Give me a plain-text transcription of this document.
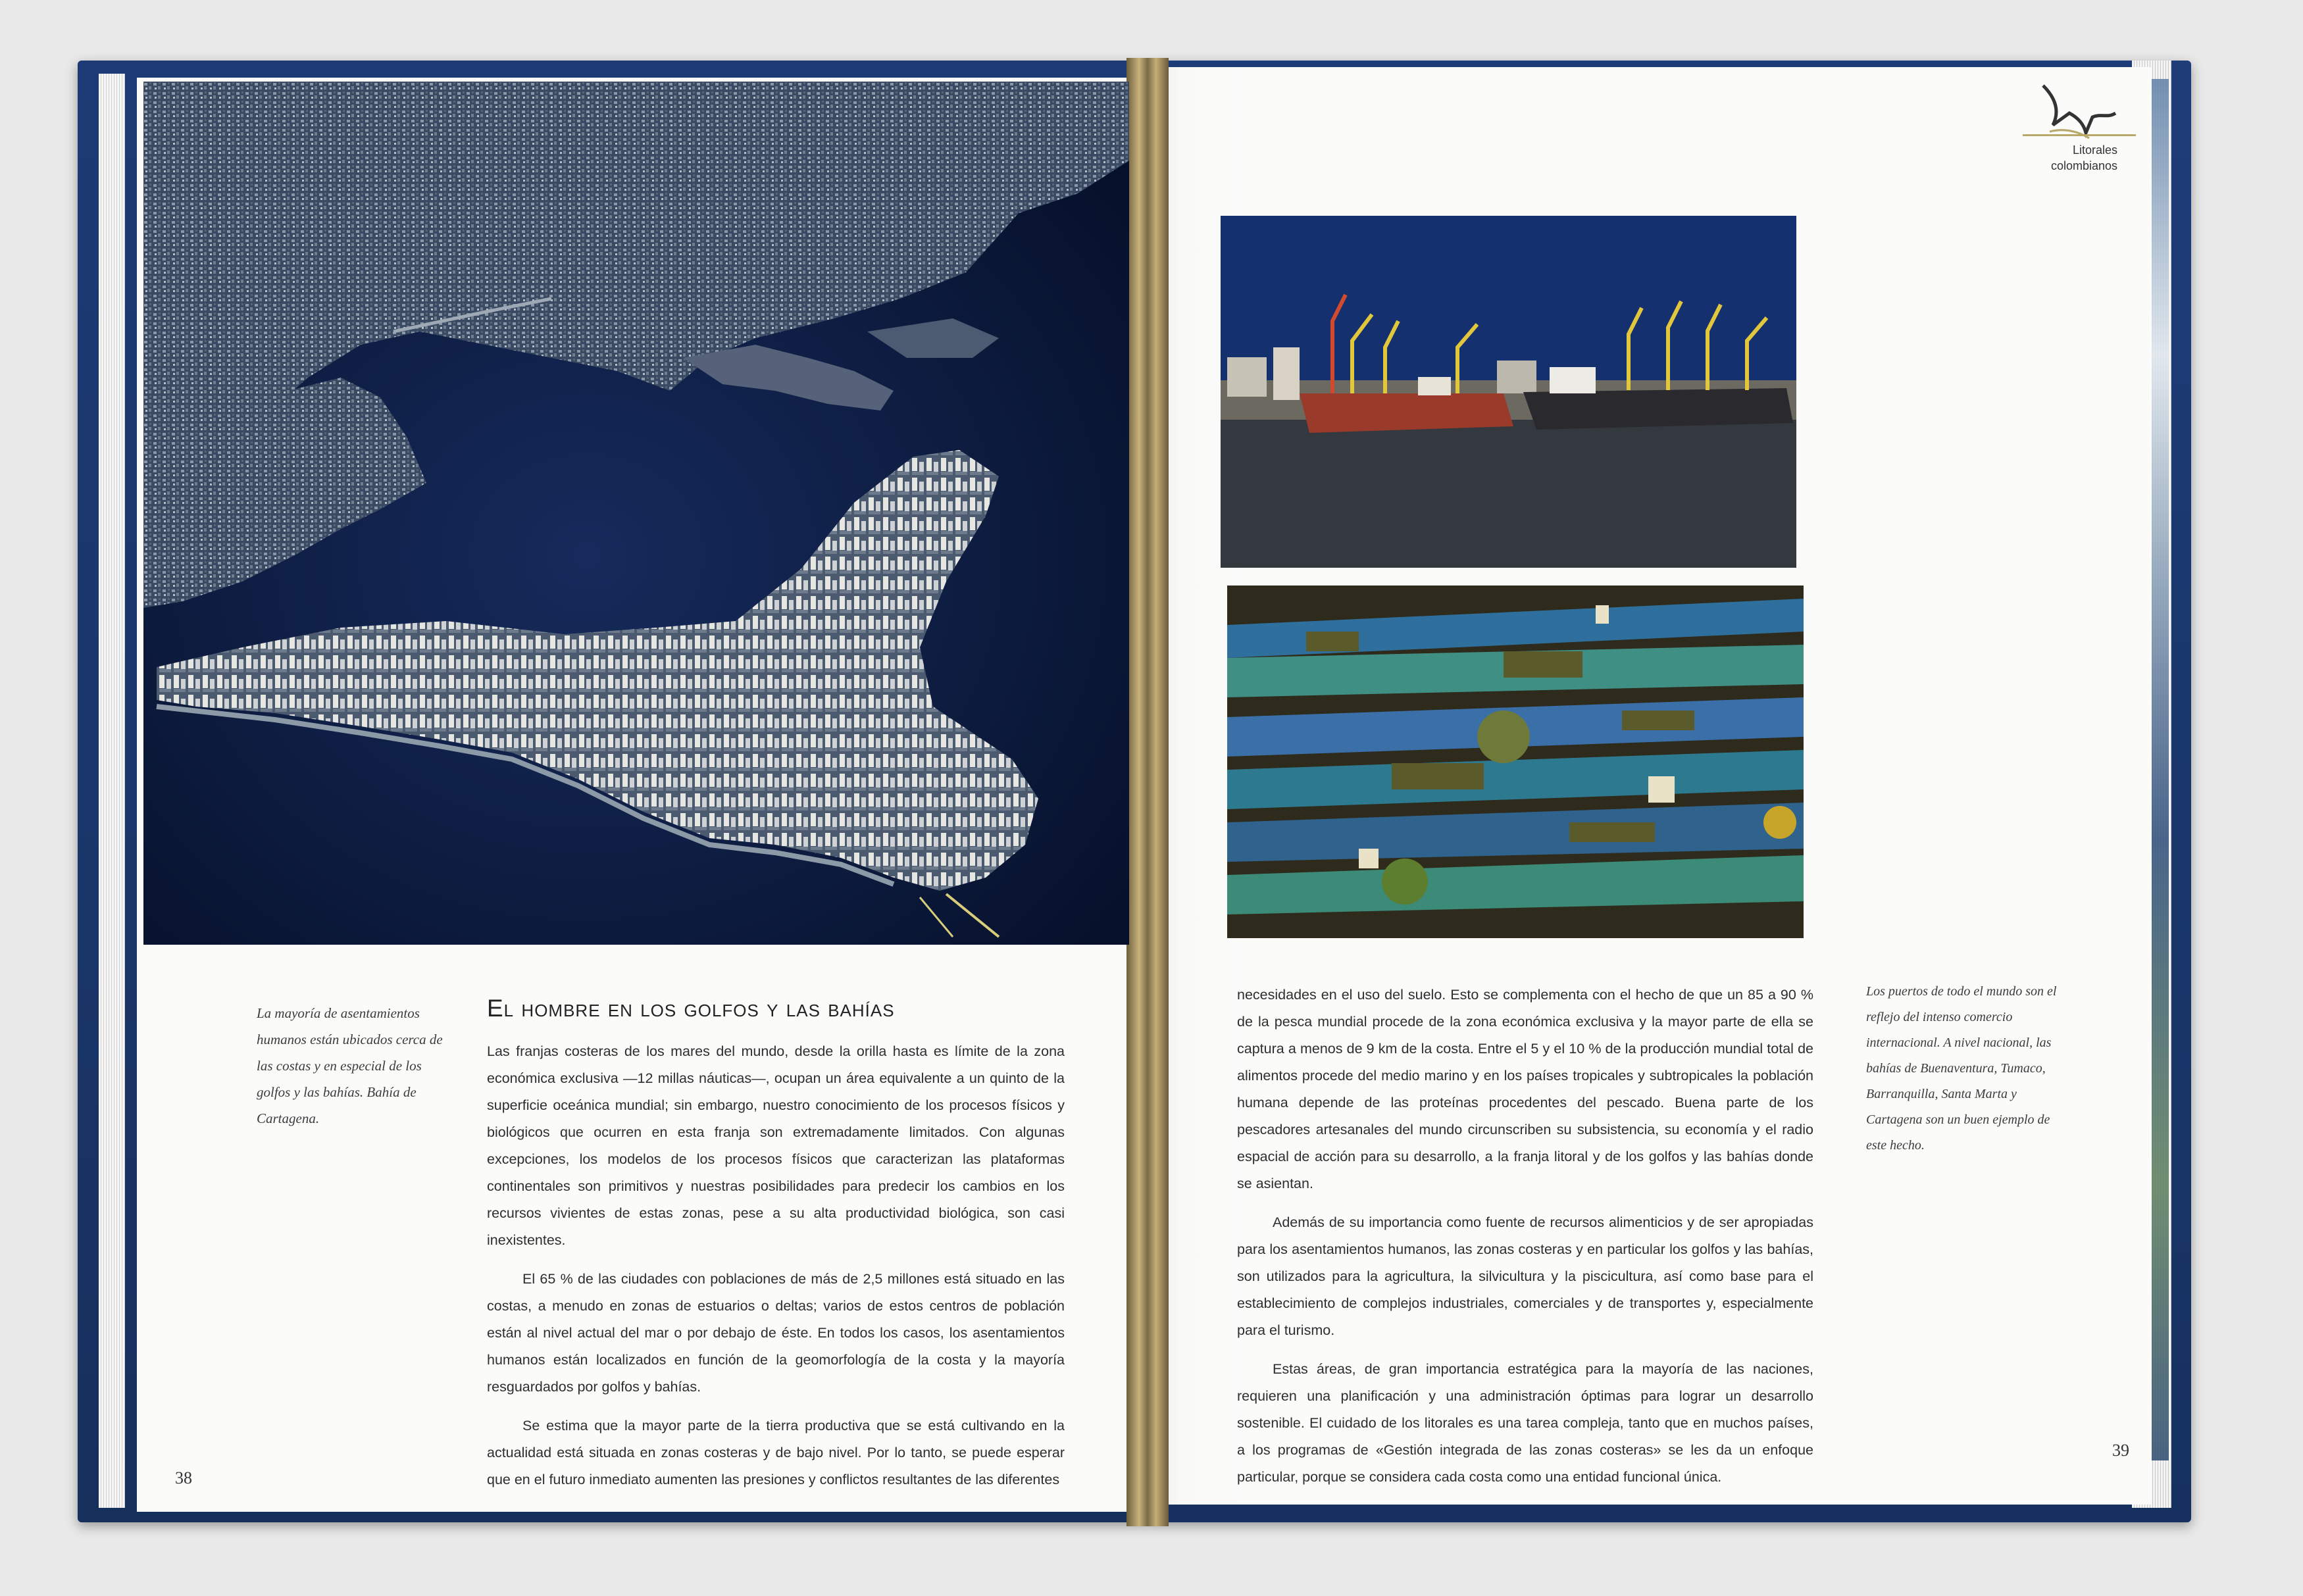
Litorales colombianos
La mayoría de asentamientos humanos están ubicados cerca de las costas y en especial de los golfos y las bahías. Bahía de Cartagena.
El hombre en los golfos y las bahías

Las franjas costeras de los mares del mundo, desde la orilla hasta es límite de la zona económica exclusiva —12 millas náuticas—, ocupan un área equivalente a un quinto de la superficie oceánica mundial; sin embargo, nuestro conocimiento de los procesos físicos y biológicos que ocurren en esta franja son extremadamente limitados. Con algunas excepciones, los modelos de los procesos físicos que caracterizan las plataformas continentales son primitivos y nuestras posibilidades para predecir los cambios en los recursos vivientes de estas zonas, pese a su alta productividad biológica, son casi inexistentes.

El 65 % de las ciudades con poblaciones de más de 2,5 millones está situado en las costas, a menudo en zonas de estuarios o deltas; varios de estos centros de población están al nivel actual del mar o por debajo de éste. En todos los casos, los asentamientos humanos están localizados en función de la geomorfología de la costa y la mayoría resguardados por golfos y bahías.

Se estima que la mayor parte de la tierra productiva que se está cultivando en la actualidad está situada en zonas costeras y de bajo nivel. Por lo tanto, se puede esperar que en el futuro inmediato aumenten las presiones y conflictos resultantes de las diferentes

38

necesidades en el uso del suelo. Esto se complementa con el hecho de que un 85 a 90 % de la pesca mundial procede de la zona económica exclusiva y la mayor parte de ella se captura a menos de 9 km de la costa. Entre el 5 y el 10 % de la producción mundial total de alimentos procede del medio marino y en los países tropicales y subtropicales la población humana depende de las proteínas procedentes del pescado. Buena parte de los pescadores artesanales del mundo circunscriben su subsistencia, su economía y el radio espacial de acción para su desarrollo, a la franja litoral y de los golfos y las bahías donde se asientan.

Además de su importancia como fuente de recursos alimenticios y de ser apropiadas para los asentamientos humanos, las zonas costeras y en particular los golfos y las bahías, son utilizados para la agricultura, la silvicultura y la piscicultura, así como base para el establecimiento de complejos industriales, comerciales y de transportes y, especialmente para el turismo.

Estas áreas, de gran importancia estratégica para la mayoría de las naciones, requieren una planificación y una administración óptimas para lograr un desarrollo sostenible. El cuidado de los litorales es una tarea compleja, tanto que en muchos países, a los programas de «Gestión integrada de las zonas costeras» se les da un enfoque particular, porque se considera cada costa como una entidad funcional única.

Los puertos de todo el mundo son el reflejo del intenso comercio internacional. A nivel nacional, las bahías de Buenaventura, Tumaco, Barranquilla, Santa Marta y Cartagena son un buen ejemplo de este hecho.
39
